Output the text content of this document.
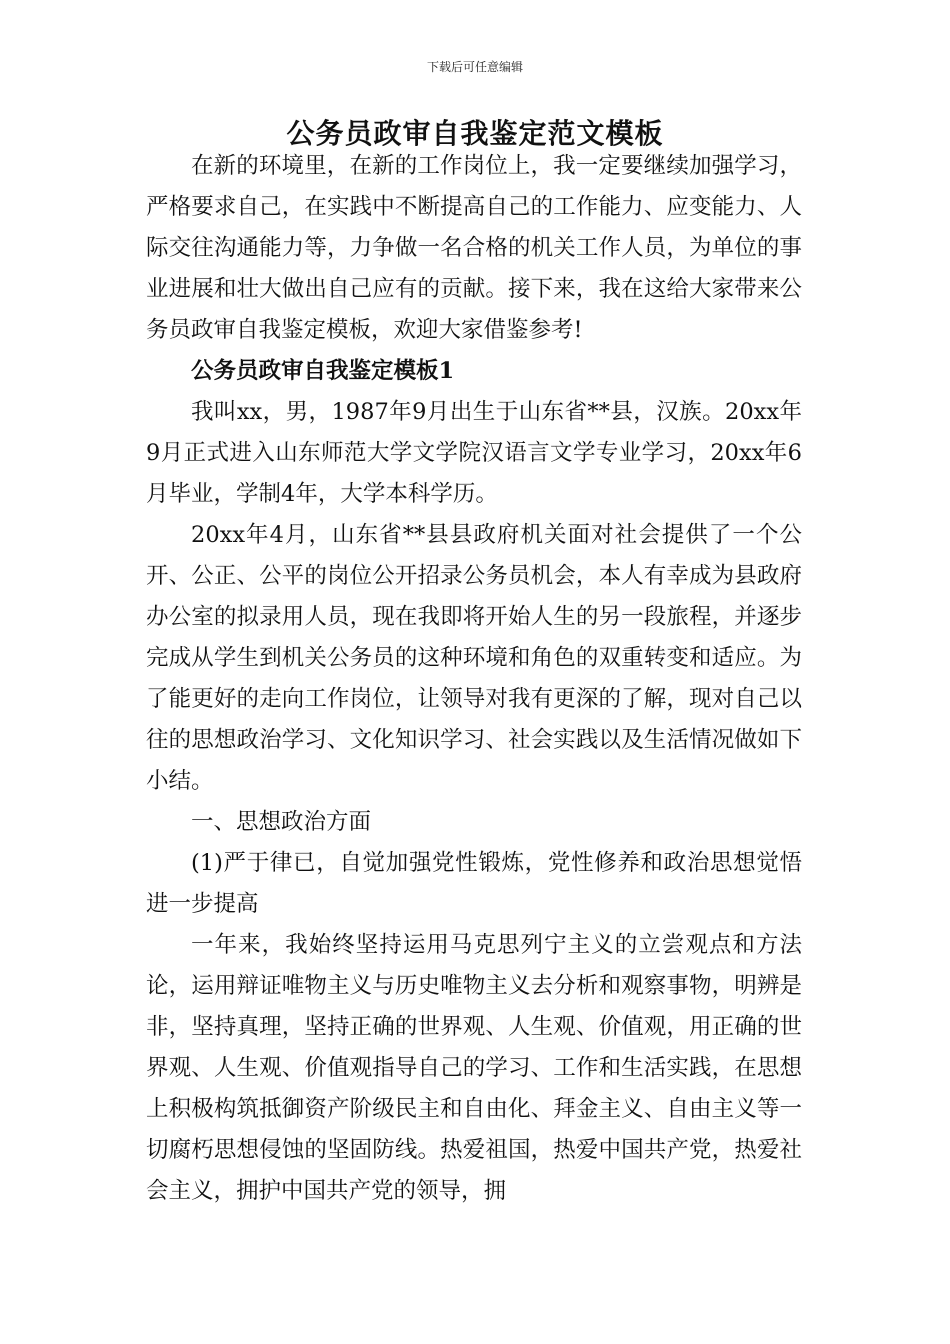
下载后可任意编辑
公务员政审自我鉴定范文模板

在新的环境里，在新的工作岗位上，我一定要继续加强学习，严格要求自己，在实践中不断提高自己的工作能力、应变能力、人际交往沟通能力等，力争做一名合格的机关工作人员，为单位的事业进展和壮大做出自己应有的贡献。接下来，我在这给大家带来公务员政审自我鉴定模板，欢迎大家借鉴参考!

公务员政审自我鉴定模板1

我叫xx，男，1987年9月出生于山东省**县，汉族。20xx年9月正式进入山东师范大学文学院汉语言文学专业学习，20xx年6月毕业，学制4年，大学本科学历。

20xx年4月，山东省**县县政府机关面对社会提供了一个公开、公正、公平的岗位公开招录公务员机会，本人有幸成为县政府办公室的拟录用人员，现在我即将开始人生的另一段旅程，并逐步完成从学生到机关公务员的这种环境和角色的双重转变和适应。为了能更好的走向工作岗位，让领导对我有更深的了解，现对自己以往的思想政治学习、文化知识学习、社会实践以及生活情况做如下小结。

一、思想政治方面

(1)严于律已，自觉加强党性锻炼，党性修养和政治思想觉悟进一步提高

一年来，我始终坚持运用马克思列宁主义的立尝观点和方法论，运用辩证唯物主义与历史唯物主义去分析和观察事物，明辨是非，坚持真理，坚持正确的世界观、人生观、价值观，用正确的世界观、人生观、价值观指导自己的学习、工作和生活实践，在思想上积极构筑抵御资产阶级民主和自由化、拜金主义、自由主义等一切腐朽思想侵蚀的坚固防线。热爱祖国，热爱中国共产党，热爱社会主义，拥护中国共产党的领导，拥
